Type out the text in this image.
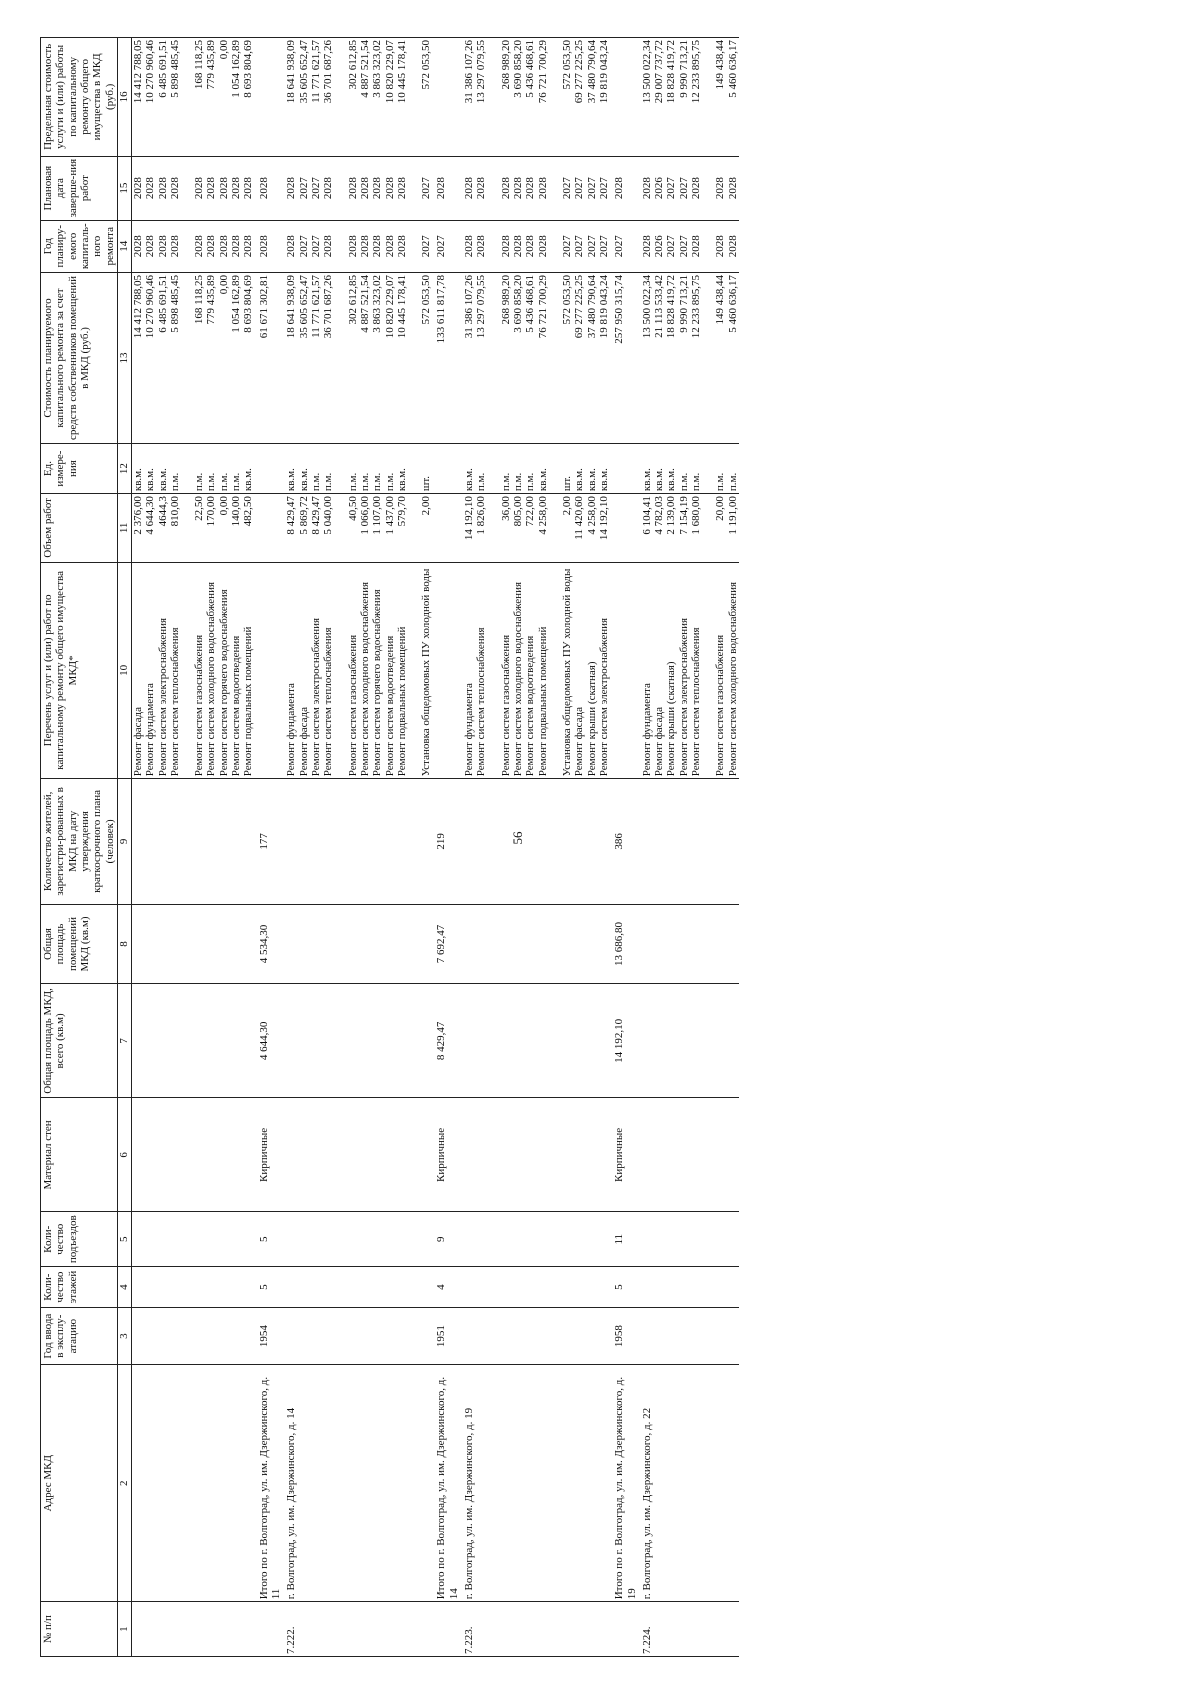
56
№ п/п	Адрес МКД	Год ввода в эксплу-атацию	Коли-чество этажей	Коли-чество подъездов	Материал стен	Общая площадь МКД, всего (кв.м)	Общая площадь помещений МКД (кв.м)	Количество жителей, зарегистри-рованных в МКД на дату утверждения краткосрочного плана (человек)	Перечень услуг и (или) работ по капитальному ремонту общего имущества МКД*	Объем работ	Ед. измере-ния	Стоимость планируемого капитального ремонта за счет средств собственников помещений в МКД (руб.)	Год планиру-емого капиталь-ного ремонта	Плановая дата заверше-ния работ	Предельная стоимость услуги и (или) работы по капитальному ремонту общего имущества в МКД (руб.)
1	2	3	4	5	6	7	8	9	10	11	12	13	14	15	16
									Ремонт фасада	2 376,00	кв.м.	14 412 788,05	2028	2028	14 412 788,05
									Ремонт фундамента	4 644,30	кв.м.	10 270 960,46	2028	2028	10 270 960,46
									Ремонт систем электроснабжения	4644,3	кв.м.	6 485 691,51	2028	2028	6 485 691,51
									Ремонт систем теплоснабжения	810,00	п.м.	5 898 485,45	2028	2028	5 898 485,45

									Ремонт систем газоснабжения	22,50	п.м.	168 118,25	2028	2028	168 118,25
									Ремонт систем холодного водоснабжения	170,00	п.м.	779 435,89	2028	2028	779 435,89
									Ремонт систем горячего водоснабжения	0,00	п.м.	0,00	2028	2028	0,00
									Ремонт систем водоотведения	140,00	п.м.	1 054 162,89	2028	2028	1 054 162,89
									Ремонт подвальных помещений	482,50	кв.м.	8 693 804,69	2028	2028	8 693 804,69
	Итого по г. Волгоград, ул. им. Дзержинского, д. 11	1954	5	5	Кирпичные	4 644,30	4 534,30	177				61 671 302,81	2028	2028	
7.222.	г. Волгоград, ул. им. Дзержинского, д. 14								Ремонт фундамента	8 429,47	кв.м.	18 641 938,09	2028	2028	18 641 938,09
									Ремонт фасада	5 869,72	кв.м.	35 605 652,47	2027	2027	35 605 652,47
									Ремонт систем электроснабжения	8 429,47	п.м.	11 771 621,57	2027	2027	11 771 621,57
									Ремонт систем теплоснабжения	5 040,00	п.м.	36 701 687,26	2028	2028	36 701 687,26

									Ремонт систем газоснабжения	40,50	п.м.	302 612,85	2028	2028	302 612,85
									Ремонт систем холодного водоснабжения	1 066,00	п.м.	4 887 521,54	2028	2028	4 887 521,54
									Ремонт систем горячего водоснабжения	1 107,00	п.м.	3 863 323,02	2028	2028	3 863 323,02
									Ремонт систем водоотведения	1 437,00	п.м.	10 820 229,07	2028	2028	10 820 229,07
									Ремонт подвальных помещений	579,70	кв.м.	10 445 178,41	2028	2028	10 445 178,41

									Установка общедомовых ПУ холодной воды	2,00	шт.	572 053,50	2027	2027	572 053,50
	Итого по г. Волгоград, ул. им. Дзержинского, д. 14	1951	4	9	Кирпичные	8 429,47	7 692,47	219				133 611 817,78	2027	2028	
7.223.	г. Волгоград, ул. им. Дзержинского, д. 19								Ремонт фундамента	14 192,10	кв.м.	31 386 107,26	2028	2028	31 386 107,26
									Ремонт систем теплоснабжения	1 826,00	п.м.	13 297 079,55	2028	2028	13 297 079,55

									Ремонт систем газоснабжения	36,00	п.м.	268 989,20	2028	2028	268 989,20
									Ремонт систем холодного водоснабжения	805,00	п.м.	3 690 858,20	2028	2028	3 690 858,20
									Ремонт систем водоотведения	722,00	п.м.	5 436 468,61	2028	2028	5 436 468,61
									Ремонт подвальных помещений	4 258,00	кв.м.	76 721 700,29	2028	2028	76 721 700,29

									Установка общедомовых ПУ холодной воды	2,00	шт.	572 053,50	2027	2027	572 053,50
									Ремонт фасада	11 420,60	кв.м.	69 277 225,25	2027	2027	69 277 225,25
									Ремонт крыши (скатная)	4 258,00	кв.м.	37 480 790,64	2027	2027	37 480 790,64
									Ремонт систем электроснабжения	14 192,10	кв.м.	19 819 043,24	2027	2027	19 819 043,24
	Итого по г. Волгоград, ул. им. Дзержинского, д. 19	1958	5	11	Кирпичные	14 192,10	13 686,80	386				257 950 315,74	2027	2028	
7.224.	г. Волгоград, ул. им. Дзержинского, д. 22								Ремонт фундамента	6 104,41	кв.м.	13 500 022,34	2028	2028	13 500 022,34
									Ремонт фасада	4 782,03	кв.м.	21 113 533,42	2026	2026	29 007 737,72
									Ремонт крыши (скатная)	2 139,00	кв.м.	18 828 419,72	2027	2027	18 828 419,72
									Ремонт систем электроснабжения	7 154,19	п.м.	9 990 713,21	2027	2027	9 990 713,21
									Ремонт систем теплоснабжения	1 680,00	п.м.	12 233 895,75	2028	2028	12 233 895,75

									Ремонт систем газоснабжения	20,00	п.м.	149 438,44	2028	2028	149 438,44
									Ремонт систем холодного водоснабжения	1 191,00	п.м.	5 460 636,17	2028	2028	5 460 636,17
